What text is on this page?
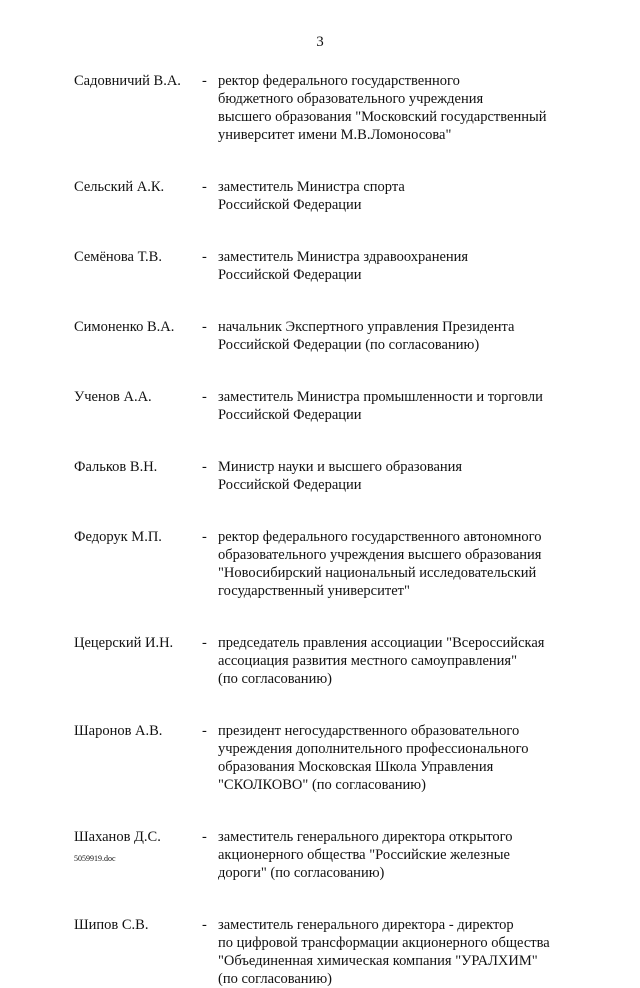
3
Садовничий В.А. - ректор федерального государственного
бюджетного образовательного учреждения
высшего образования "Московский государственный
университет имени М.В.Ломоносова"
Сельский А.К.	- заместитель Министра спорта
Российской Федерации
Семёнова Т.В.	- заместитель Министра здравоохранения
Российской Федерации
Симоненко В.А. - начальник Экспертного управления Президента
Российской Федерации (по согласованию)
Ученов А.А.	- заместитель Министра промышленности и торговли
Российской Федерации
Фальков В.Н.	- Министр науки и высшего образования
Российской Федерации
Федорук М.П.	- ректор федерального государственного автономного
образовательного учреждения высшего образования
"Новосибирский национальный исследовательский
государственный университет"
Цецерский И.Н. - председатель правления ассоциации "Всероссийская
ассоциация развития местного самоуправления"
(по согласованию)
Шаронов А.В.	- президент негосударственного образовательного
учреждения дополнительного профессионального
образования Московская Школа Управления
"СКОЛКОВО" (по согласованию)
Шаханов Д.С.	- заместитель генерального директора открытого
акционерного общества "Российские железные
дороги" (по согласованию)
Шипов С.В.	- заместитель генерального директора - директор
по цифровой трансформации акционерного общества
"Объединенная химическая компания "УРАЛХИМ"
(по согласованию)
5059919.doc
